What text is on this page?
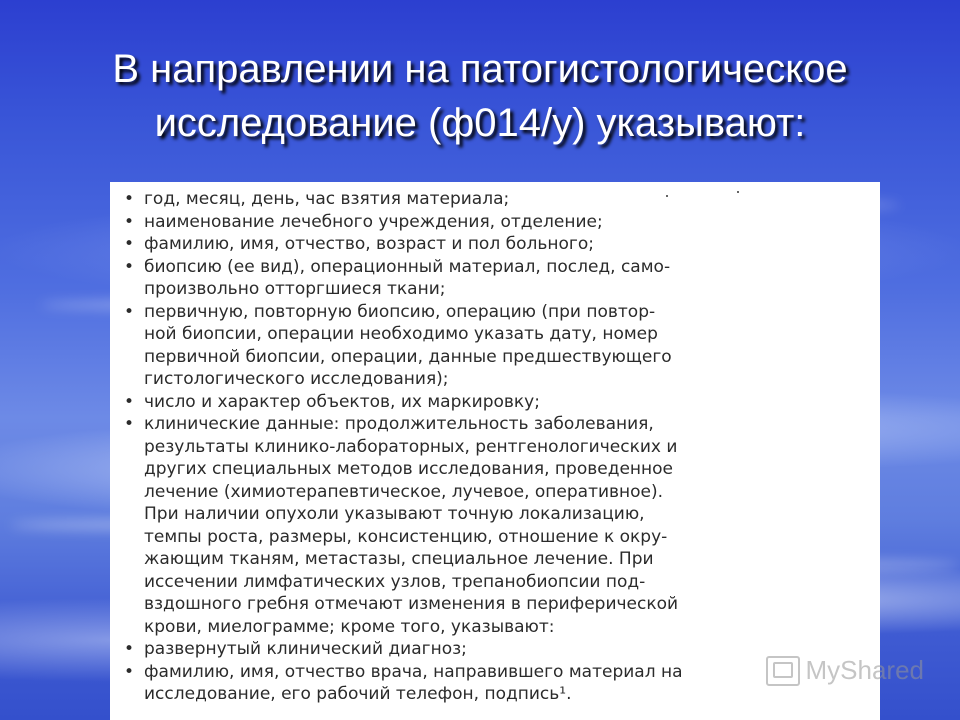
В направлении на патогистологическое
исследование (ф014/у) указывают:
• год, месяц, день, час взятия материала;
• наименование лечебного учреждения, отделение;
• фамилию, имя, отчество, возраст и пол больного;
• биопсию (ее вид), операционный материал, послед, само-
произвольно отторгшиеся ткани;
• первичную, повторную биопсию, операцию (при повтор-
ной биопсии, операции необходимо указать дату, номер
первичной биопсии, операции, данные предшествующего
гистологического исследования);
• число и характер объектов, их маркировку;
• клинические данные: продолжительность заболевания,
результаты клинико-лабораторных, рентгенологических и
других специальных методов исследования, проведенное
лечение (химиотерапевтическое, лучевое, оперативное).
При наличии опухоли указывают точную локализацию,
темпы роста, размеры, консистенцию, отношение к окру-
жающим тканям, метастазы, специальное лечение. При
иссечении лимфатических узлов, трепанобиопсии под-
вздошного гребня отмечают изменения в периферической
крови, миелограмме; кроме того, указывают:
• развернутый клинический диагноз;
• фамилию, имя, отчество врача, направившего материал на
исследование, его рабочий телефон, подпись¹.
MyShared
